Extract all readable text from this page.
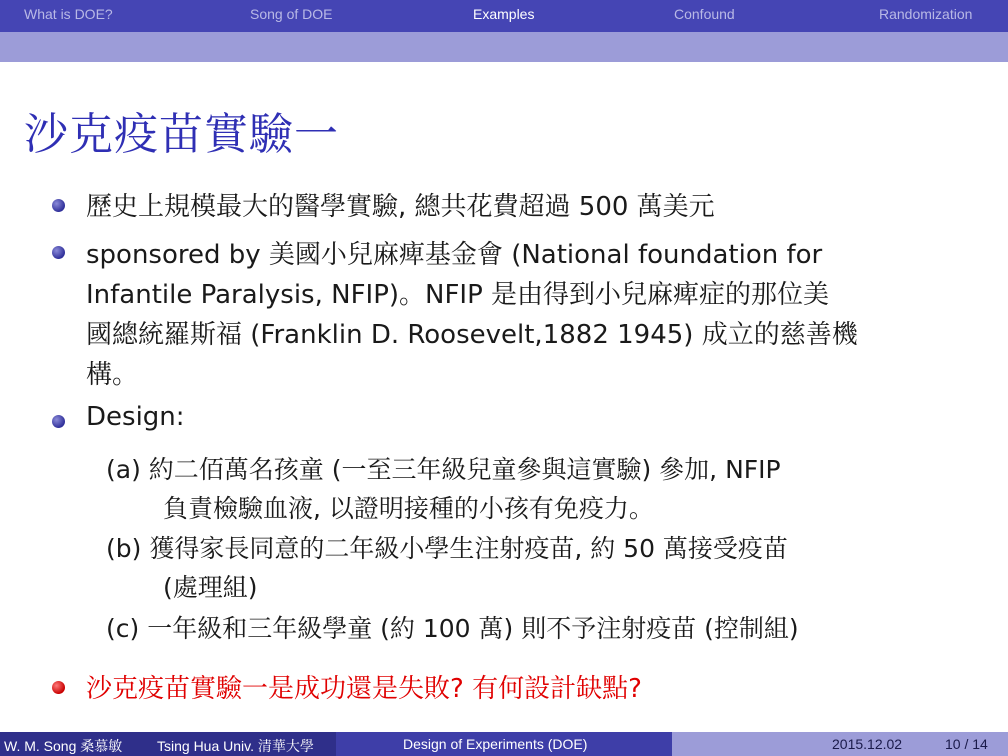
What is DOE?	Song of DOE	Examples	Confound	Randomization
沙克疫苗實驗一
歷史上規模最大的醫學實驗, 總共花費超過 500 萬美元
sponsored by 美國小兒麻痺基金會 (National foundation for
Infantile Paralysis, NFIP)。NFIP 是由得到小兒麻痺症的那位美
國總統羅斯福 (Franklin D. Roosevelt,1882 1945) 成立的慈善機
構。
Design:
(a) 約二佰萬名孩童 (一至三年級兒童參與這實驗) 參加, NFIP
負責檢驗血液, 以證明接種的小孩有免疫力。
(b) 獲得家長同意的二年級小學生注射疫苗, 約 50 萬接受疫苗
(處理組)
(c) 一年級和三年級學童 (約 100 萬) 則不予注射疫苗 (控制組)
沙克疫苗實驗一是成功還是失敗? 有何設計缺點?
W. M. Song 桑慕敏 Tsing Hua Univ. 清華大學	Design of Experiments (DOE)	2015.12.02	10 / 14
